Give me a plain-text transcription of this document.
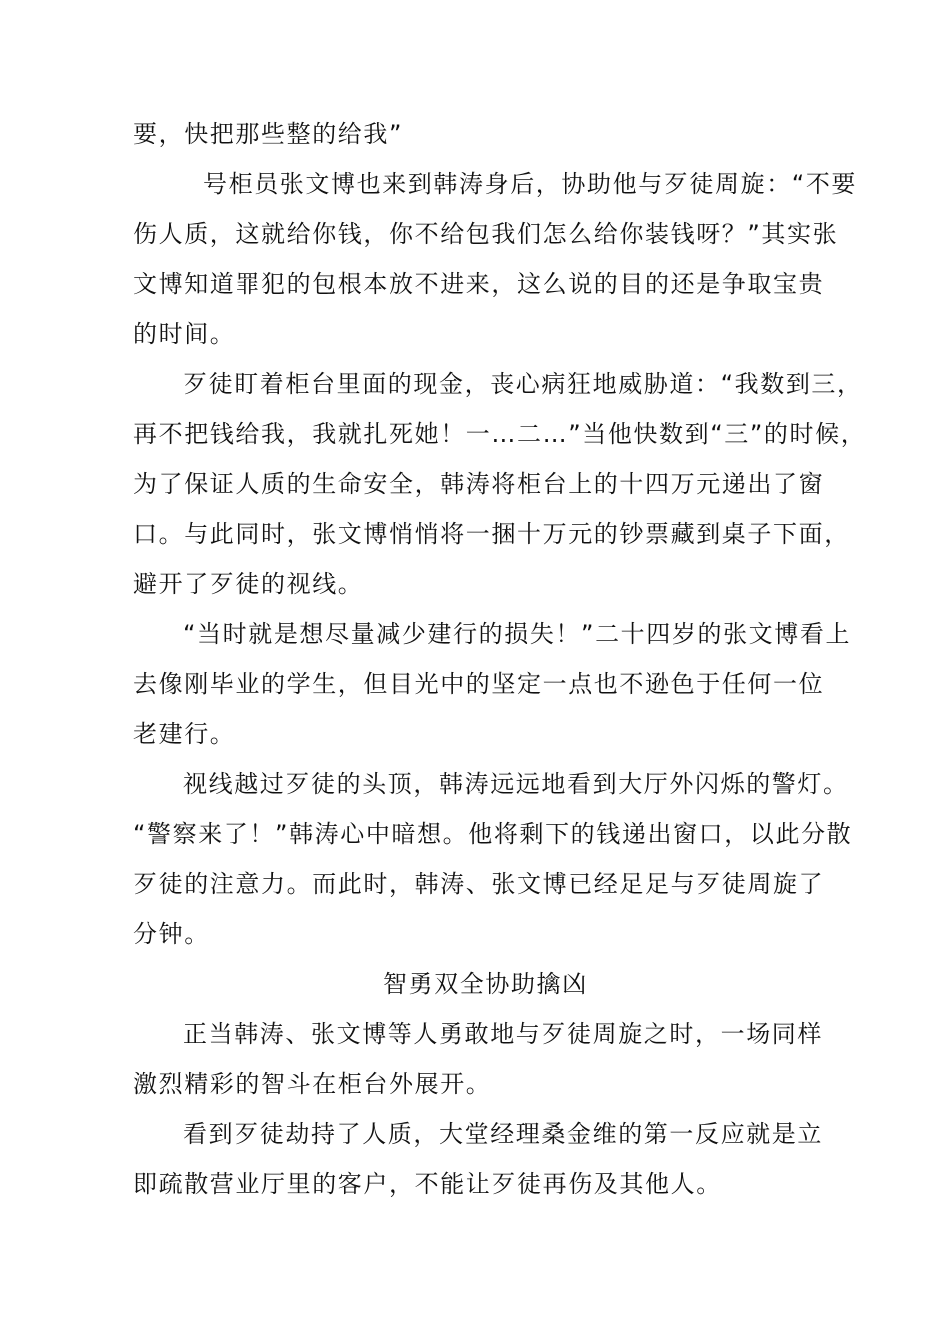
要，快把那些整的给我”
号柜员张文博也来到韩涛身后，协助他与歹徒周旋：“不要
伤人质，这就给你钱，你不给包我们怎么给你装钱呀？”其实张
文博知道罪犯的包根本放不进来，这么说的目的还是争取宝贵
的时间。
歹徒盯着柜台里面的现金，丧心病狂地威胁道：“我数到三，
再不把钱给我，我就扎死她！一…二…”当他快数到“三”的时候，
为了保证人质的生命安全，韩涛将柜台上的十四万元递出了窗
口。与此同时，张文博悄悄将一捆十万元的钞票藏到桌子下面，
避开了歹徒的视线。
“当时就是想尽量减少建行的损失！”二十四岁的张文博看上
去像刚毕业的学生，但目光中的坚定一点也不逊色于任何一位
老建行。
视线越过歹徒的头顶，韩涛远远地看到大厅外闪烁的警灯。
“警察来了！”韩涛心中暗想。他将剩下的钱递出窗口，以此分散
歹徒的注意力。而此时，韩涛、张文博已经足足与歹徒周旋了
分钟。
智勇双全协助擒凶
正当韩涛、张文博等人勇敢地与歹徒周旋之时，一场同样
激烈精彩的智斗在柜台外展开。
看到歹徒劫持了人质，大堂经理桑金维的第一反应就是立
即疏散营业厅里的客户，不能让歹徒再伤及其他人。
